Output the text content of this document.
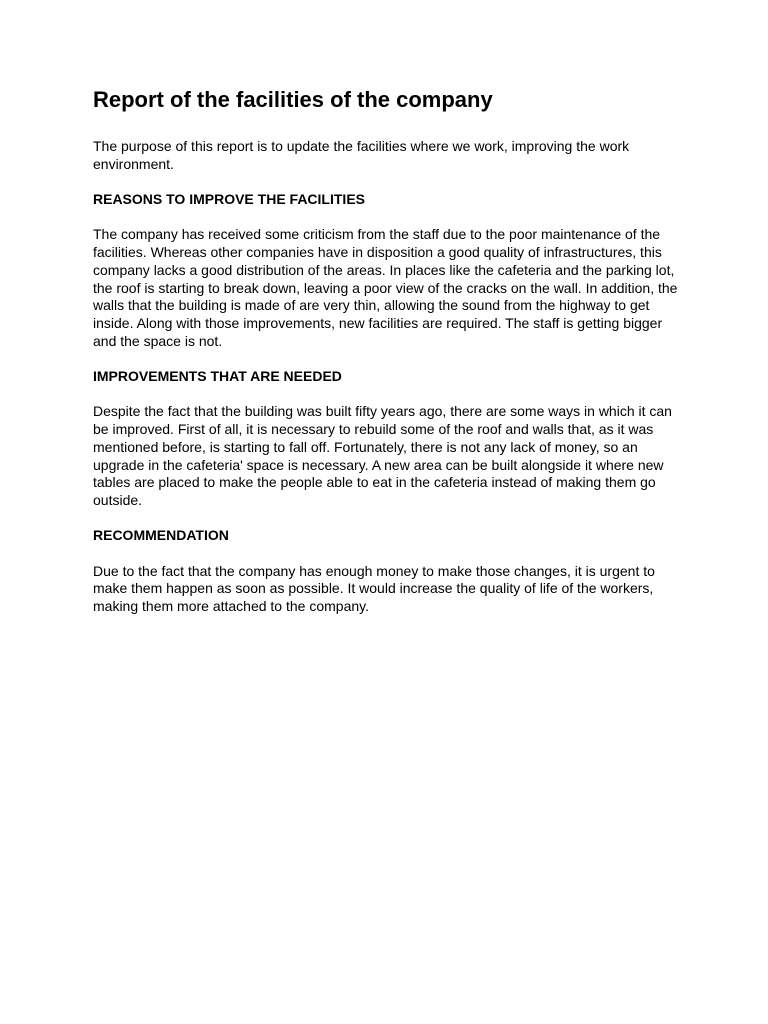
Report of the facilities of the company

The purpose of this report is to update the facilities where we work, improving the work environment.

REASONS TO IMPROVE THE FACILITIES

The company has received some criticism from the staff due to the poor maintenance of the facilities. Whereas other companies have in disposition a good quality of infrastructures, this company lacks a good distribution of the areas. In places like the cafeteria and the parking lot, the roof is starting to break down, leaving a poor view of the cracks on the wall. In addition, the walls that the building is made of are very thin, allowing the sound from the highway to get inside. Along with those improvements, new facilities are required. The staff is getting bigger and the space is not.

IMPROVEMENTS THAT ARE NEEDED

Despite the fact that the building was built fifty years ago, there are some ways in which it can be improved. First of all, it is necessary to rebuild some of the roof and walls that, as it was mentioned before, is starting to fall off. Fortunately, there is not any lack of money, so an upgrade in the cafeteria' space is necessary. A new area can be built alongside it where new tables are placed to make the people able to eat in the cafeteria instead of making them go outside.

RECOMMENDATION

Due to the fact that the company has enough money to make those changes, it is urgent to make them happen as soon as possible. It would increase the quality of life of the workers, making them more attached to the company.
